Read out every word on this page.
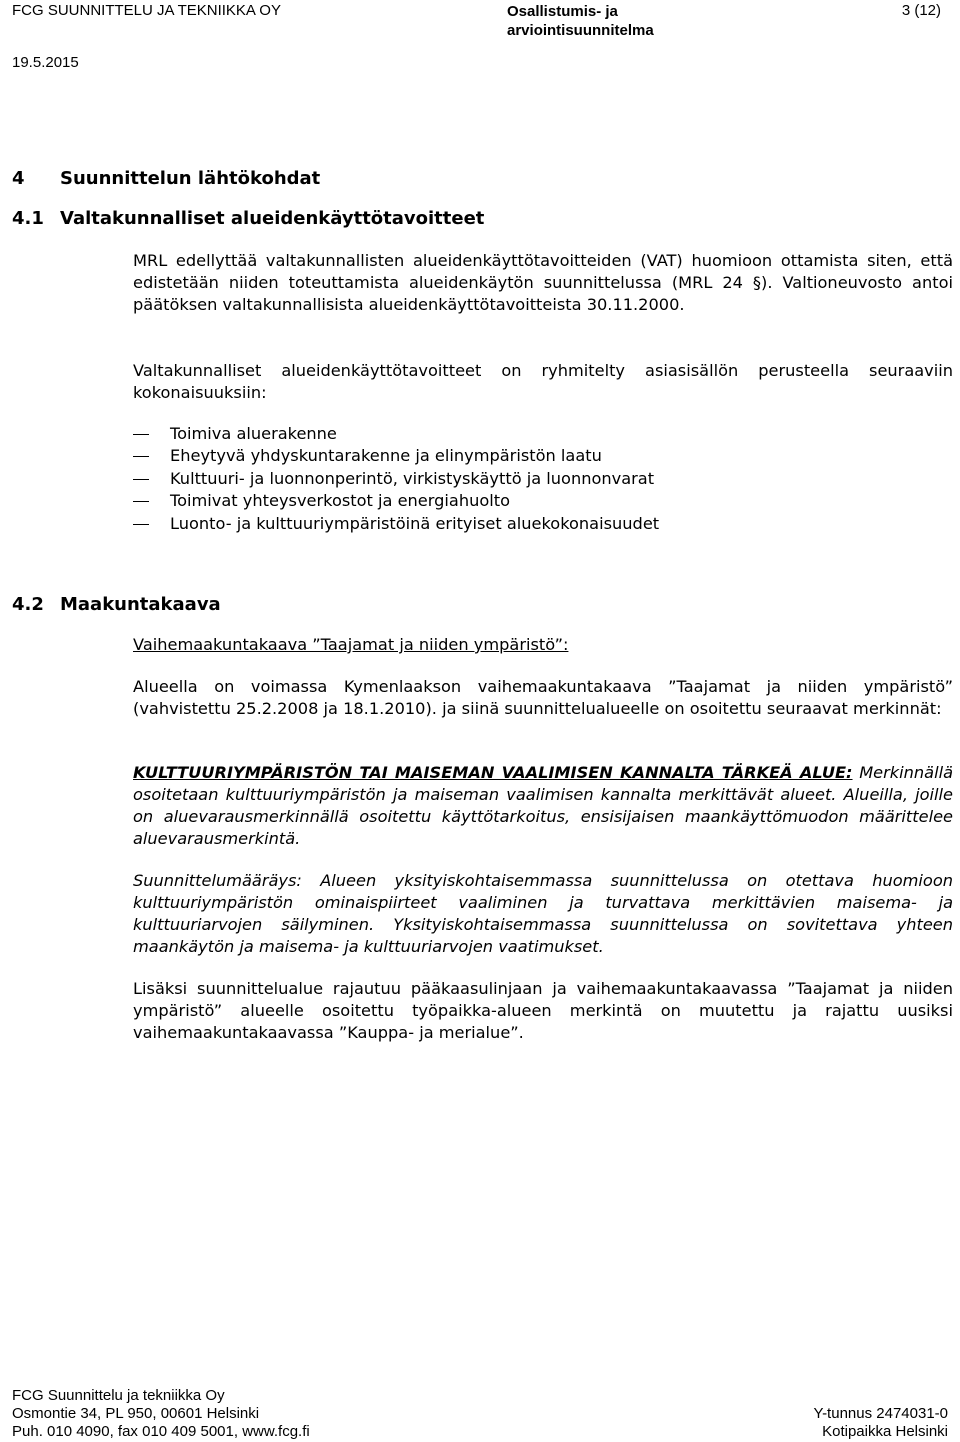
FCG SUUNNITTELU JA TEKNIIKKA OY	Osallistumis- ja
arviointisuunnitelma
3 (12)
19.5.2015
4 Suunnittelun lähtökohdat
4.1 Valtakunnalliset alueidenkäyttötavoitteet

MRL edellyttää valtakunnallisten alueidenkäyttötavoitteiden (VAT) huomioon ottamista siten, että edistetään niiden toteuttamista alueidenkäytön suunnittelussa (MRL 24 §). Valtioneuvosto antoi päätöksen valtakunnallisista alueidenkäyttötavoitteista 30.11.2000.

Valtakunnalliset alueidenkäyttötavoitteet on ryhmitelty asiasisällön perusteella seuraaviin kokonaisuuksiin:

Toimiva aluerakenne
Eheytyvä yhdyskuntarakenne ja elinympäristön laatu
Kulttuuri- ja luonnonperintö, virkistyskäyttö ja luonnonvarat
Toimivat yhteysverkostot ja energiahuolto
Luonto- ja kulttuuriympäristöinä erityiset aluekokonaisuudet
4.2 Maakuntakaava

Vaihemaakuntakaava ”Taajamat ja niiden ympäristö”:

Alueella on voimassa Kymenlaakson vaihemaakuntakaava ”Taajamat ja niiden ympäristö” (vahvistettu 25.2.2008 ja 18.1.2010). ja siinä suunnittelualueelle on osoitettu seuraavat merkinnät:

KULTTUURIYMPÄRISTÖN TAI MAISEMAN VAALIMISEN KANNALTA TÄRKEÄ ALUE: Merkinnällä osoitetaan kulttuuriympäristön ja maiseman vaalimisen kannalta merkittävät alueet. Alueilla, joille on aluevarausmerkinnällä osoitettu käyttötarkoitus, ensisijaisen maankäyttömuodon määrittelee aluevarausmerkintä.

Suunnittelumääräys: Alueen yksityiskohtaisemmassa suunnittelussa on otettava huomioon kulttuuriympäristön ominaispiirteet vaaliminen ja turvattava merkittävien maisema- ja kulttuuriarvojen säilyminen. Yksityiskohtaisemmassa suunnittelussa on sovitettava yhteen maankäytön ja maisema- ja kulttuuriarvojen vaatimukset.

Lisäksi suunnittelualue rajautuu pääkaasulinjaan ja vaihemaakuntakaavassa ”Taajamat ja niiden ympäristö” alueelle osoitettu työpaikka-alueen merkintä on muutettu ja rajattu uusiksi vaihemaakuntakaavassa ”Kauppa- ja merialue”.

FCG Suunnittelu ja tekniikka Oy
Osmontie 34, PL 950, 00601 Helsinki	Y-tunnus 2474031-0
Puh. 010 4090, fax 010 409 5001, www.fcg.fi	Kotipaikka Helsinki
